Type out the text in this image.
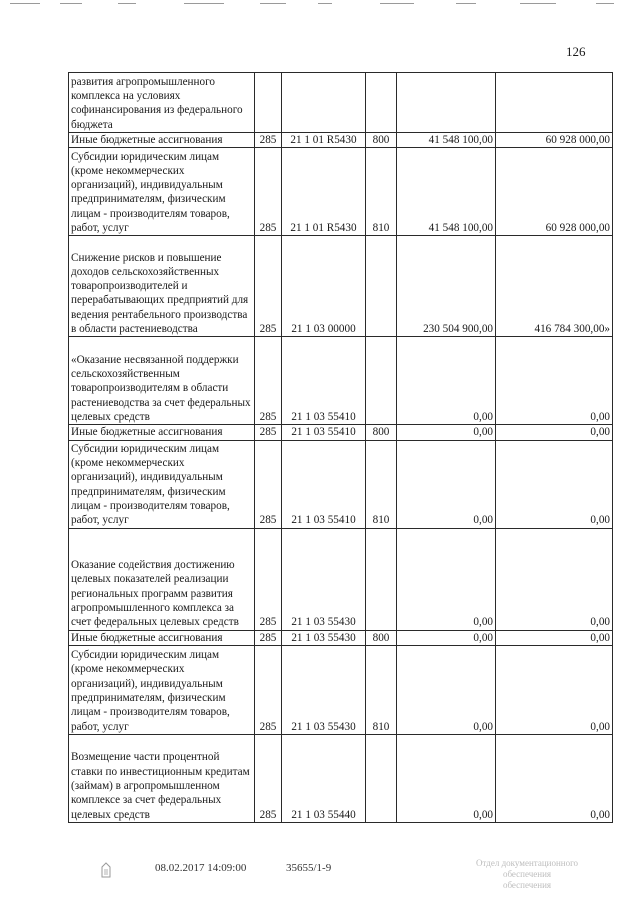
126
развития агропромышленного комплекса на условиях софинансирования из федерального бюджета					
Иные бюджетные ассигнования	285	21 1 01 R5430	800	41 548 100,00	60 928 000,00
Субсидии юридическим лицам (кроме некоммерческих организаций), индивидуальным предпринимателям, физическим лицам - производителям товаров, работ, услуг	285	21 1 01 R5430	810	41 548 100,00	60 928 000,00
Снижение рисков и повышение доходов сельскохозяйственных товаропроизводителей и перерабатывающих предприятий для ведения рентабельного производства в области растениеводства	285	21 1 03 00000		230 504 900,00	416 784 300,00»
«Оказание несвязанной поддержки сельскохозяйственным товаропроизводителям в области растениеводства за счет федеральных целевых средств	285	21 1 03 55410		0,00	0,00
Иные бюджетные ассигнования	285	21 1 03 55410	800	0,00	0,00
Субсидии юридическим лицам (кроме некоммерческих организаций), индивидуальным предпринимателям, физическим лицам - производителям товаров, работ, услуг	285	21 1 03 55410	810	0,00	0,00
Оказание содействия достижению целевых показателей реализации региональных программ развития агропромышленного комплекса за счет федеральных целевых средств	285	21 1 03 55430		0,00	0,00
Иные бюджетные ассигнования	285	21 1 03 55430	800	0,00	0,00
Субсидии юридическим лицам (кроме некоммерческих организаций), индивидуальным предпринимателям, физическим лицам - производителям товаров, работ, услуг	285	21 1 03 55430	810	0,00	0,00
Возмещение части процентной ставки по инвестиционным кредитам (займам) в агропромышленном комплексе за счет федеральных целевых средств	285	21 1 03 55440		0,00	0,00
08.02.2017 14:09:00	35655/1-9	Отдел документационного обеспечения
обеспечения
